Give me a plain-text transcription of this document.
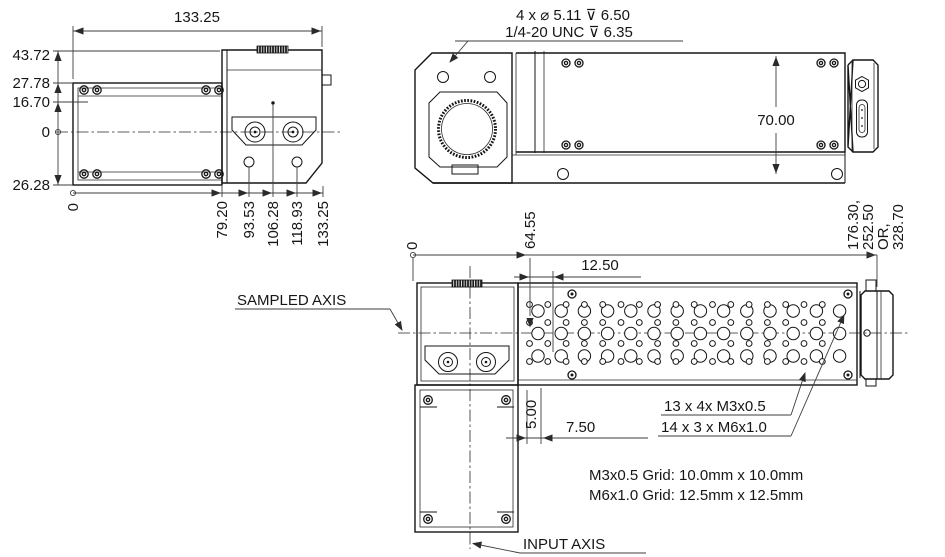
133.25
43.72
27.78
16.70
0
26.28
0	79.20 93.53 106.28 118.93 133.25
4 x ⌀ 5.11 ⊽ 6.50
1/4-20 UNC ⊽ 6.35
70.00
176.30,
252.50
OR,
328.70
0	64.55
12.50
5.00 7.50
SAMPLED AXIS
INPUT AXIS
13 x 4x M3x0.5
14 x 3 x M6x1.0
M3x0.5 Grid: 10.0mm x 10.0mm
M6x1.0 Grid: 12.5mm x 12.5mm
